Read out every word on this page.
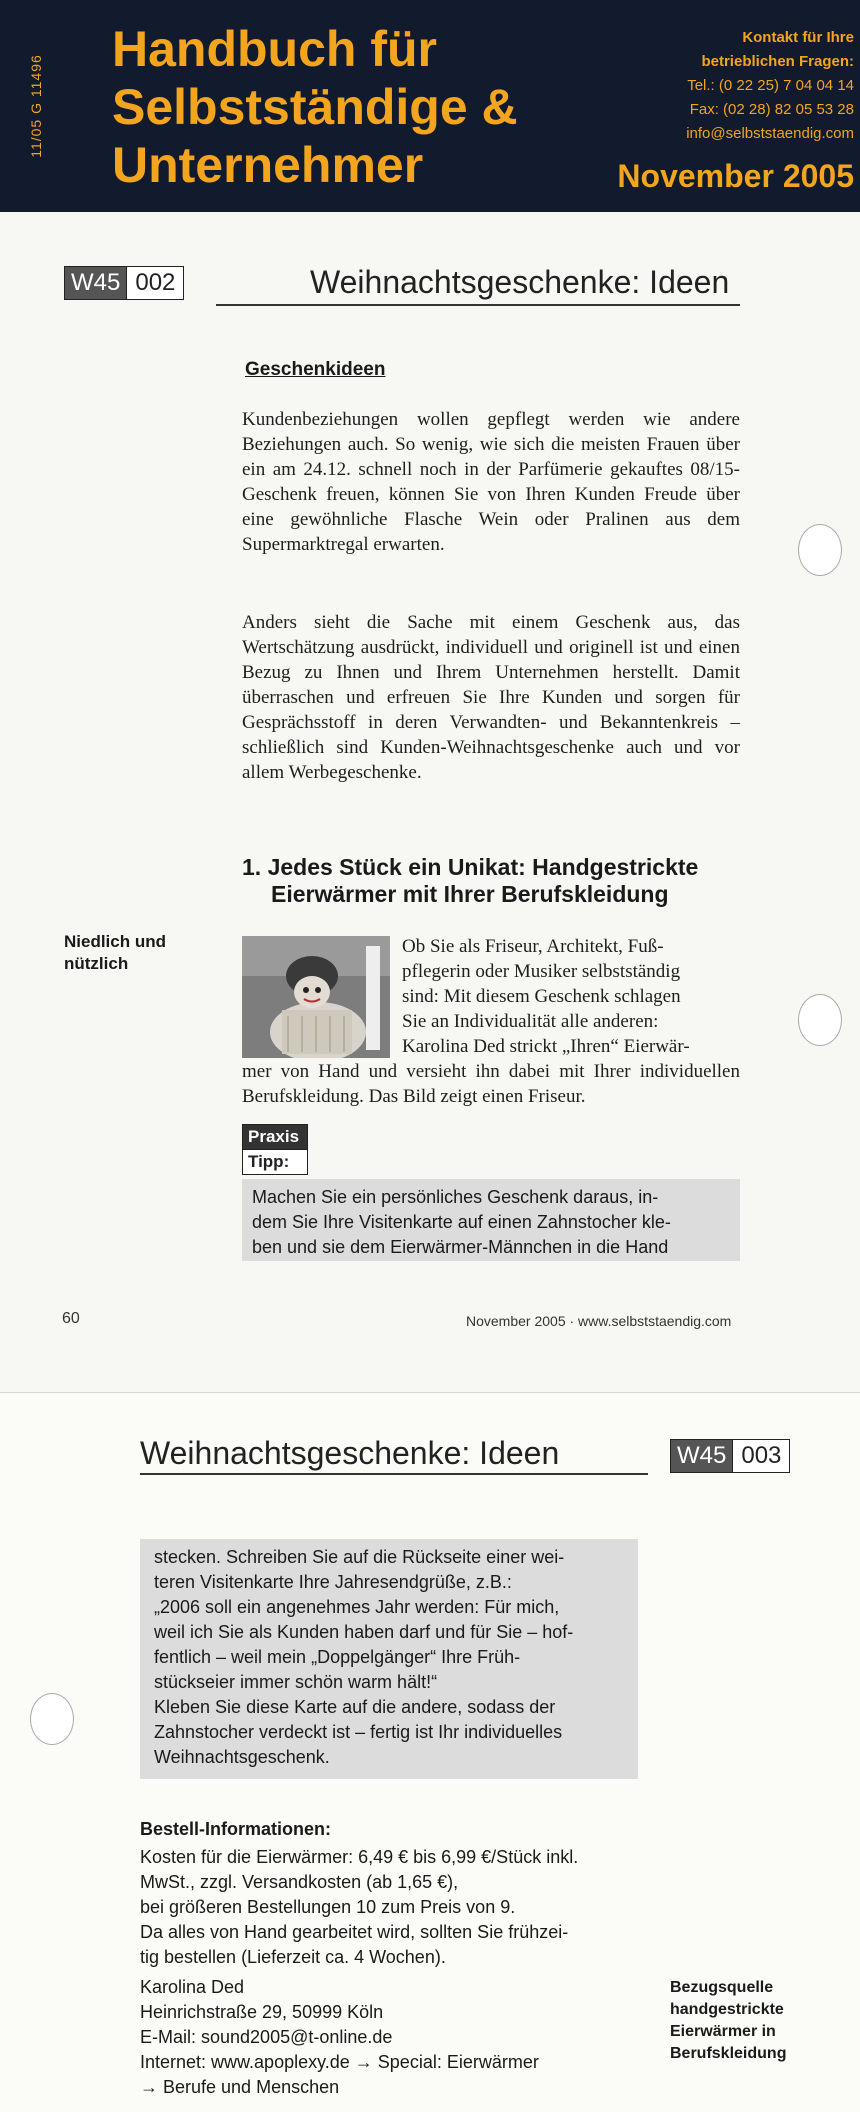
11/05 G 11496
Handbuch für
Selbstständige &
Unternehmer
Kontakt für Ihre
betrieblichen Fragen:
Tel.: (0 22 25) 7 04 04 14
Fax: (02 28) 82 05 53 28
info@selbststaendig.com
November 2005
W45 002	Weihnachtsgeschenke: Ideen
Geschenkideen
Kundenbeziehungen wollen gepflegt werden wie andere Beziehungen auch. So wenig, wie sich die meisten Frauen über ein am 24.12. schnell noch in der Parfümerie gekauftes 08/15-Geschenk freuen, können Sie von Ihren Kunden Freude über eine gewöhnliche Flasche Wein oder Pralinen aus dem Supermarktregal erwarten.
Anders sieht die Sache mit einem Geschenk aus, das Wertschätzung ausdrückt, individuell und originell ist und einen Bezug zu Ihnen und Ihrem Unternehmen herstellt. Damit überraschen und erfreuen Sie Ihre Kunden und sorgen für Gesprächsstoff in deren Verwandten- und Bekanntenkreis – schließlich sind Kunden-Weihnachtsgeschenke auch und vor allem Werbegeschenke.
1. Jedes Stück ein Unikat: Handgestrickte
Eierwärmer mit Ihrer Berufskleidung
Niedlich und
nützlich
Ob Sie als Friseur, Architekt, Fuß-
pflegerin oder Musiker selbstständig
sind: Mit diesem Geschenk schlagen
Sie an Individualität alle anderen:
Karolina Ded strickt „Ihren“ Eierwär-
mer von Hand und versieht ihn dabei mit Ihrer individuellen Berufskleidung. Das Bild zeigt einen Friseur.
Praxis
Tipp:
Machen Sie ein persönliches Geschenk daraus, in-
dem Sie Ihre Visitenkarte auf einen Zahnstocher kle-
ben und sie dem Eierwärmer-Männchen in die Hand
60	November 2005 · www.selbststaendig.com
Weihnachtsgeschenke: Ideen	W45 003
stecken. Schreiben Sie auf die Rückseite einer wei-
teren Visitenkarte Ihre Jahresendgrüße, z.B.:
„2006 soll ein angenehmes Jahr werden: Für mich,
weil ich Sie als Kunden haben darf und für Sie – hof-
fentlich – weil mein „Doppelgänger“ Ihre Früh-
stückseier immer schön warm hält!“
Kleben Sie diese Karte auf die andere, sodass der
Zahnstocher verdeckt ist – fertig ist Ihr individuelles
Weihnachtsgeschenk.
Bestell-Informationen:
Kosten für die Eierwärmer: 6,49 € bis 6,99 €/Stück inkl.
MwSt., zzgl. Versandkosten (ab 1,65 €),
bei größeren Bestellungen 10 zum Preis von 9.
Da alles von Hand gearbeitet wird, sollten Sie frühzei-
tig bestellen (Lieferzeit ca. 4 Wochen).
Karolina Ded
Heinrichstraße 29, 50999 Köln
E-Mail: sound2005@t-online.de
Internet: www.apoplexy.de → Special: Eierwärmer
→ Berufe und Menschen
Bezugsquelle
handgestrickte
Eierwärmer in
Berufskleidung
